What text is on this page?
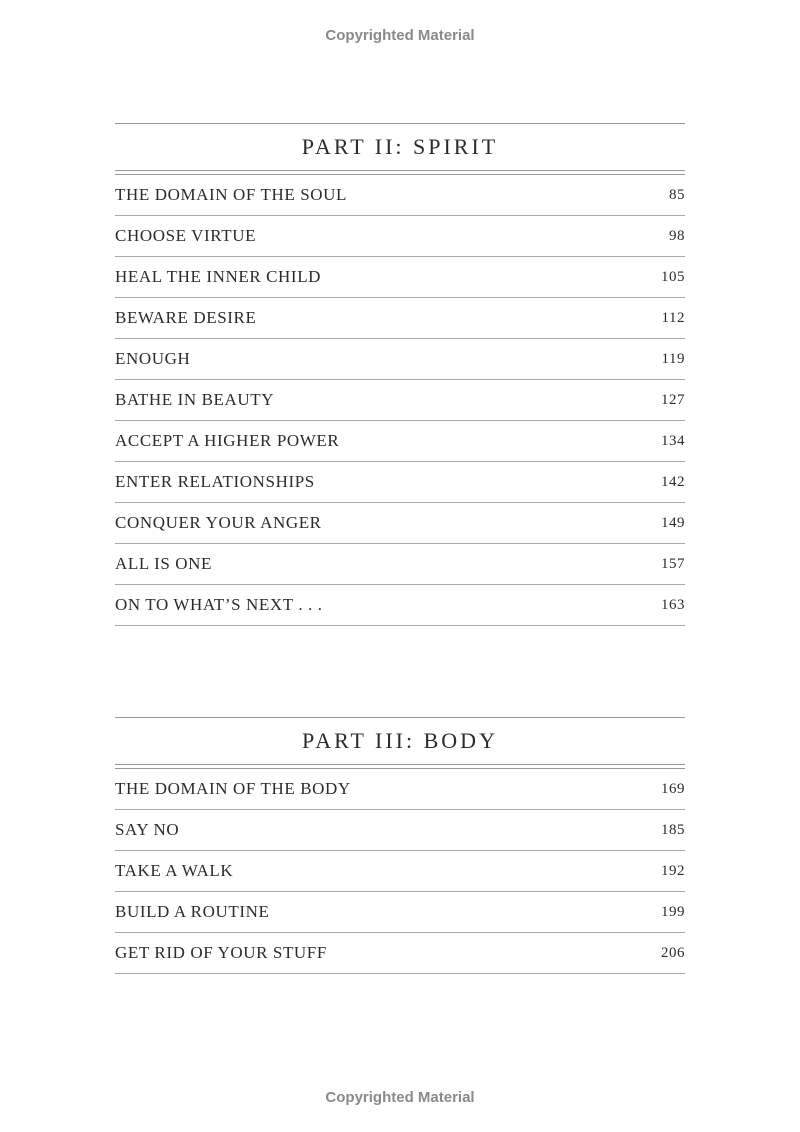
Copyrighted Material
PART II: SPIRIT
THE DOMAIN OF THE SOUL	85
CHOOSE VIRTUE	98
HEAL THE INNER CHILD	105
BEWARE DESIRE	112
ENOUGH	119
BATHE IN BEAUTY	127
ACCEPT A HIGHER POWER	134
ENTER RELATIONSHIPS	142
CONQUER YOUR ANGER	149
ALL IS ONE	157
ON TO WHAT’S NEXT . . .	163
PART III: BODY
THE DOMAIN OF THE BODY	169
SAY NO	185
TAKE A WALK	192
BUILD A ROUTINE	199
GET RID OF YOUR STUFF	206
Copyrighted Material
